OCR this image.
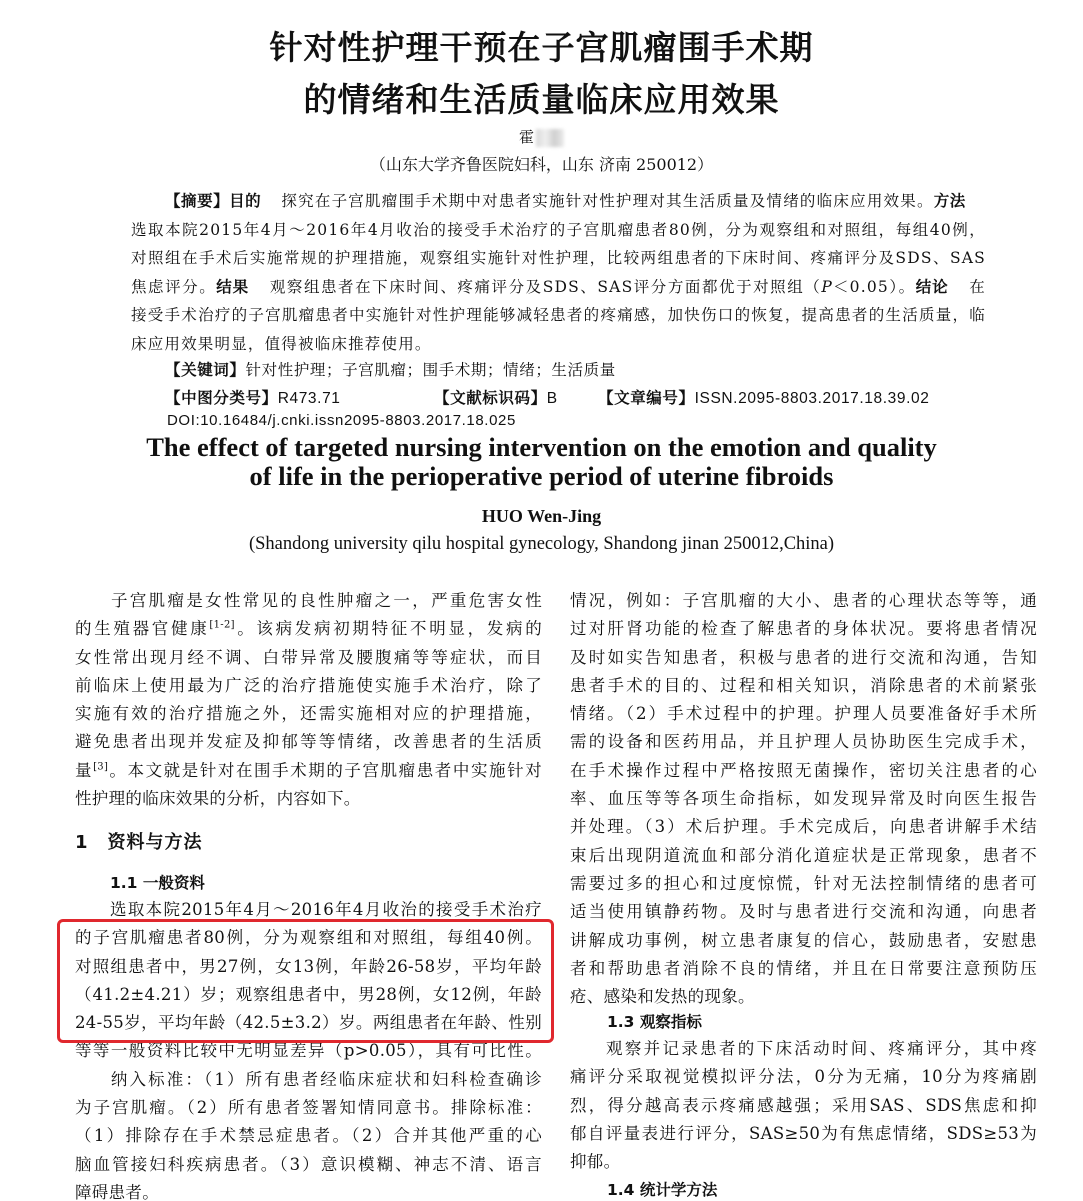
针对性护理干预在子宫肌瘤围手术期
的情绪和生活质量临床应用效果
霍
（山东大学齐鲁医院妇科，山东 济南 250012）
【摘要】目的 探究在子宫肌瘤围手术期中对患者实施针对性护理对其生活质量及情绪的临床应用效果。方法 选取本院2015年4月～2016年4月收治的接受手术治疗的子宫肌瘤患者80例，分为观察组和对照组，每组40例，对照组在手术后实施常规的护理措施，观察组实施针对性护理，比较两组患者的下床时间、疼痛评分及SDS、SAS焦虑评分。结果 观察组患者在下床时间、疼痛评分及SDS、SAS评分方面都优于对照组（P＜0.05）。结论 在接受手术治疗的子宫肌瘤患者中实施针对性护理能够减轻患者的疼痛感，加快伤口的恢复，提高患者的生活质量，临床应用效果明显，值得被临床推荐使用。
【关键词】针对性护理；子宫肌瘤；围手术期；情绪；生活质量
【中图分类号】R473.71	【文献标识码】B	【文章编号】ISSN.2095-8803.2017.18.39.02
DOI:10.16484/j.cnki.issn2095-8803.2017.18.025
The effect of targeted nursing intervention on the emotion and quality
of life in the perioperative period of uterine fibroids
HUO Wen-Jing
(Shandong university qilu hospital gynecology, Shandong jinan 250012,China)
子宫肌瘤是女性常见的良性肿瘤之一，严重危害女性
的生殖器官健康[1-2]。该病发病初期特征不明显，发病的
女性常出现月经不调、白带异常及腰腹痛等等症状，而目
前临床上使用最为广泛的治疗措施使实施手术治疗，除了
实施有效的治疗措施之外，还需实施相对应的护理措施，
避免患者出现并发症及抑郁等等情绪，改善患者的生活质
量[3]。本文就是针对在围手术期的子宫肌瘤患者中实施针对
性护理的临床效果的分析，内容如下。
1　资料与方法
1.1 一般资料
选取本院2015年4月～2016年4月收治的接受手术治疗
的子宫肌瘤患者80例，分为观察组和对照组，每组40例。
对照组患者中，男27例，女13例，年龄26-58岁，平均年龄
（41.2±4.21）岁；观察组患者中，男28例，女12例，年龄
24-55岁，平均年龄（42.5±3.2）岁。两组患者在年龄、性别
等等一般资料比较中无明显差异（p>0.05），具有可比性。
纳入标准：（1）所有患者经临床症状和妇科检查确诊
为子宫肌瘤。（2）所有患者签署知情同意书。排除标准：
（1）排除存在手术禁忌症患者。（2）合并其他严重的心
脑血管接妇科疾病患者。（3）意识模糊、神志不清、语言
障碍患者。
情况，例如：子宫肌瘤的大小、患者的心理状态等等，通
过对肝肾功能的检查了解患者的身体状况。要将患者情况
及时如实告知患者，积极与患者的进行交流和沟通，告知
患者手术的目的、过程和相关知识，消除患者的术前紧张
情绪。（2）手术过程中的护理。护理人员要准备好手术所
需的设备和医药用品，并且护理人员协助医生完成手术，
在手术操作过程中严格按照无菌操作，密切关注患者的心
率、血压等等各项生命指标，如发现异常及时向医生报告
并处理。（3）术后护理。手术完成后，向患者讲解手术结
束后出现阴道流血和部分消化道症状是正常现象，患者不
需要过多的担心和过度惊慌，针对无法控制情绪的患者可
适当使用镇静药物。及时与患者进行交流和沟通，向患者
讲解成功事例，树立患者康复的信心，鼓励患者，安慰患
者和帮助患者消除不良的情绪，并且在日常要注意预防压
疮、感染和发热的现象。
1.3 观察指标
观察并记录患者的下床活动时间、疼痛评分，其中疼
痛评分采取视觉模拟评分法，0分为无痛，10分为疼痛剧
烈，得分越高表示疼痛感越强；采用SAS、SDS焦虑和抑
郁自评量表进行评分，SAS≥50为有焦虑情绪，SDS≥53为
抑郁。
1.4 统计学方法
